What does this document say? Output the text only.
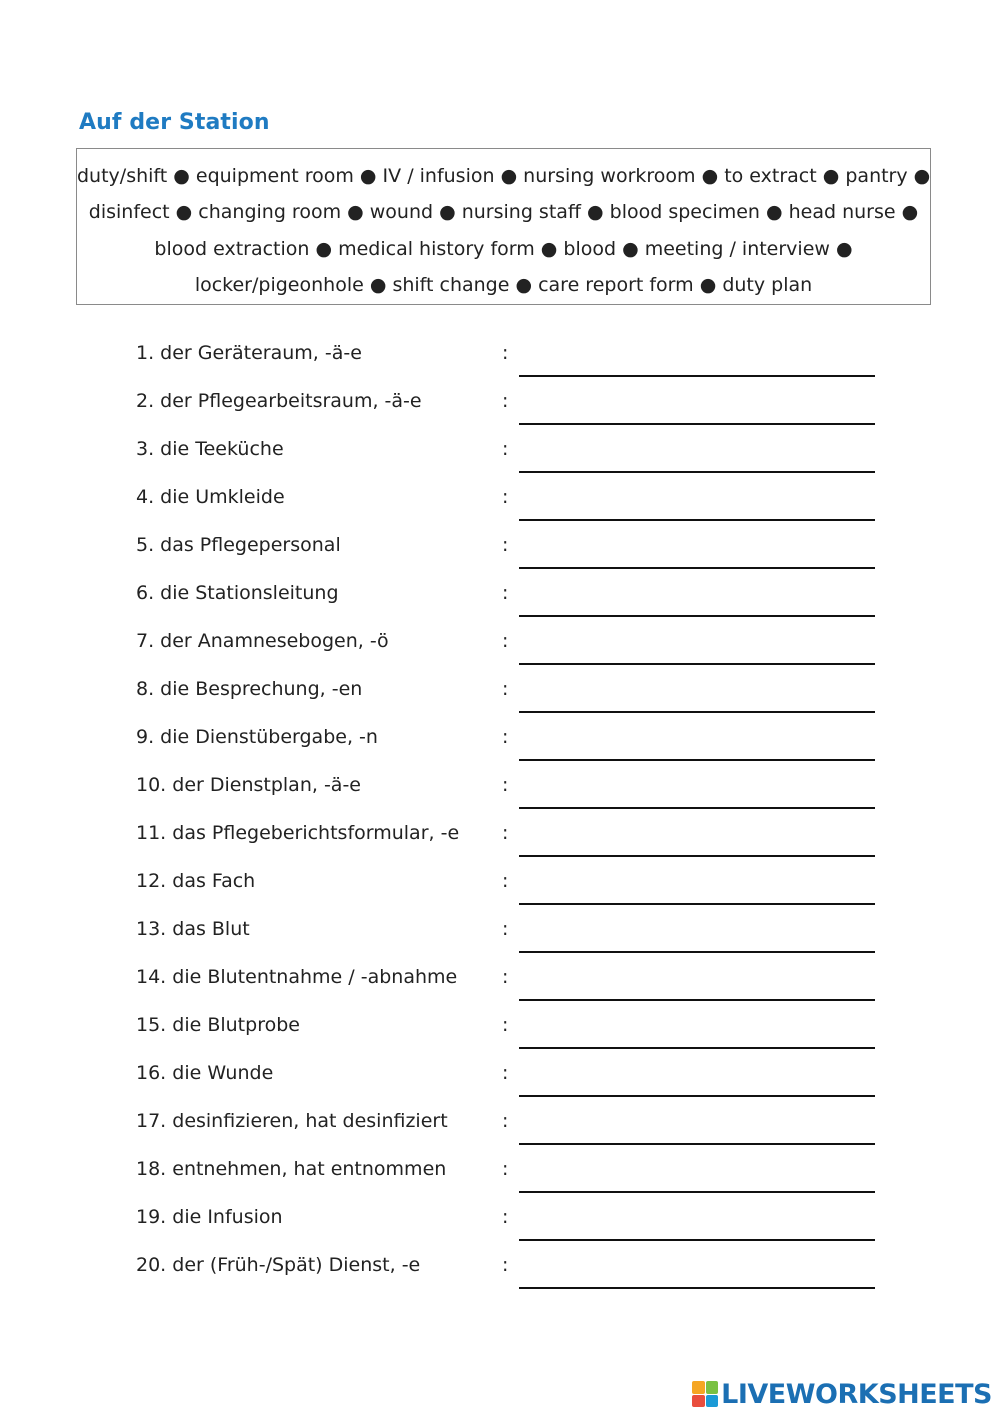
Auf der Station
duty/shift ● equipment room ● IV / infusion ● nursing workroom ● to extract ● pantry ●
disinfect ● changing room ● wound ● nursing staff ● blood specimen ● head nurse ●
blood extraction ● medical history form ● blood ● meeting / interview ●
locker/pigeonhole ● shift change ● care report form ● duty plan
1. der Geräteraum, -ä-e	:
2. der Pflegearbeitsraum, -ä-e	:
3. die Teeküche	:
4. die Umkleide	:
5. das Pflegepersonal	:
6. die Stationsleitung	:
7. der Anamnesebogen, -ö	:
8. die Besprechung, -en	:
9. die Dienstübergabe, -n	:
10. der Dienstplan, -ä-e	:
11. das Pflegeberichtsformular, -e :
12. das Fach	:
13. das Blut	:
14. die Blutentnahme / -abnahme :
15. die Blutprobe	:
16. die Wunde	:
17. desinfizieren, hat desinfiziert	:
18. entnehmen, hat entnommen	:
19. die Infusion	:
20. der (Früh-/Spät) Dienst, -e	:
LIVEWORKSHEETS
